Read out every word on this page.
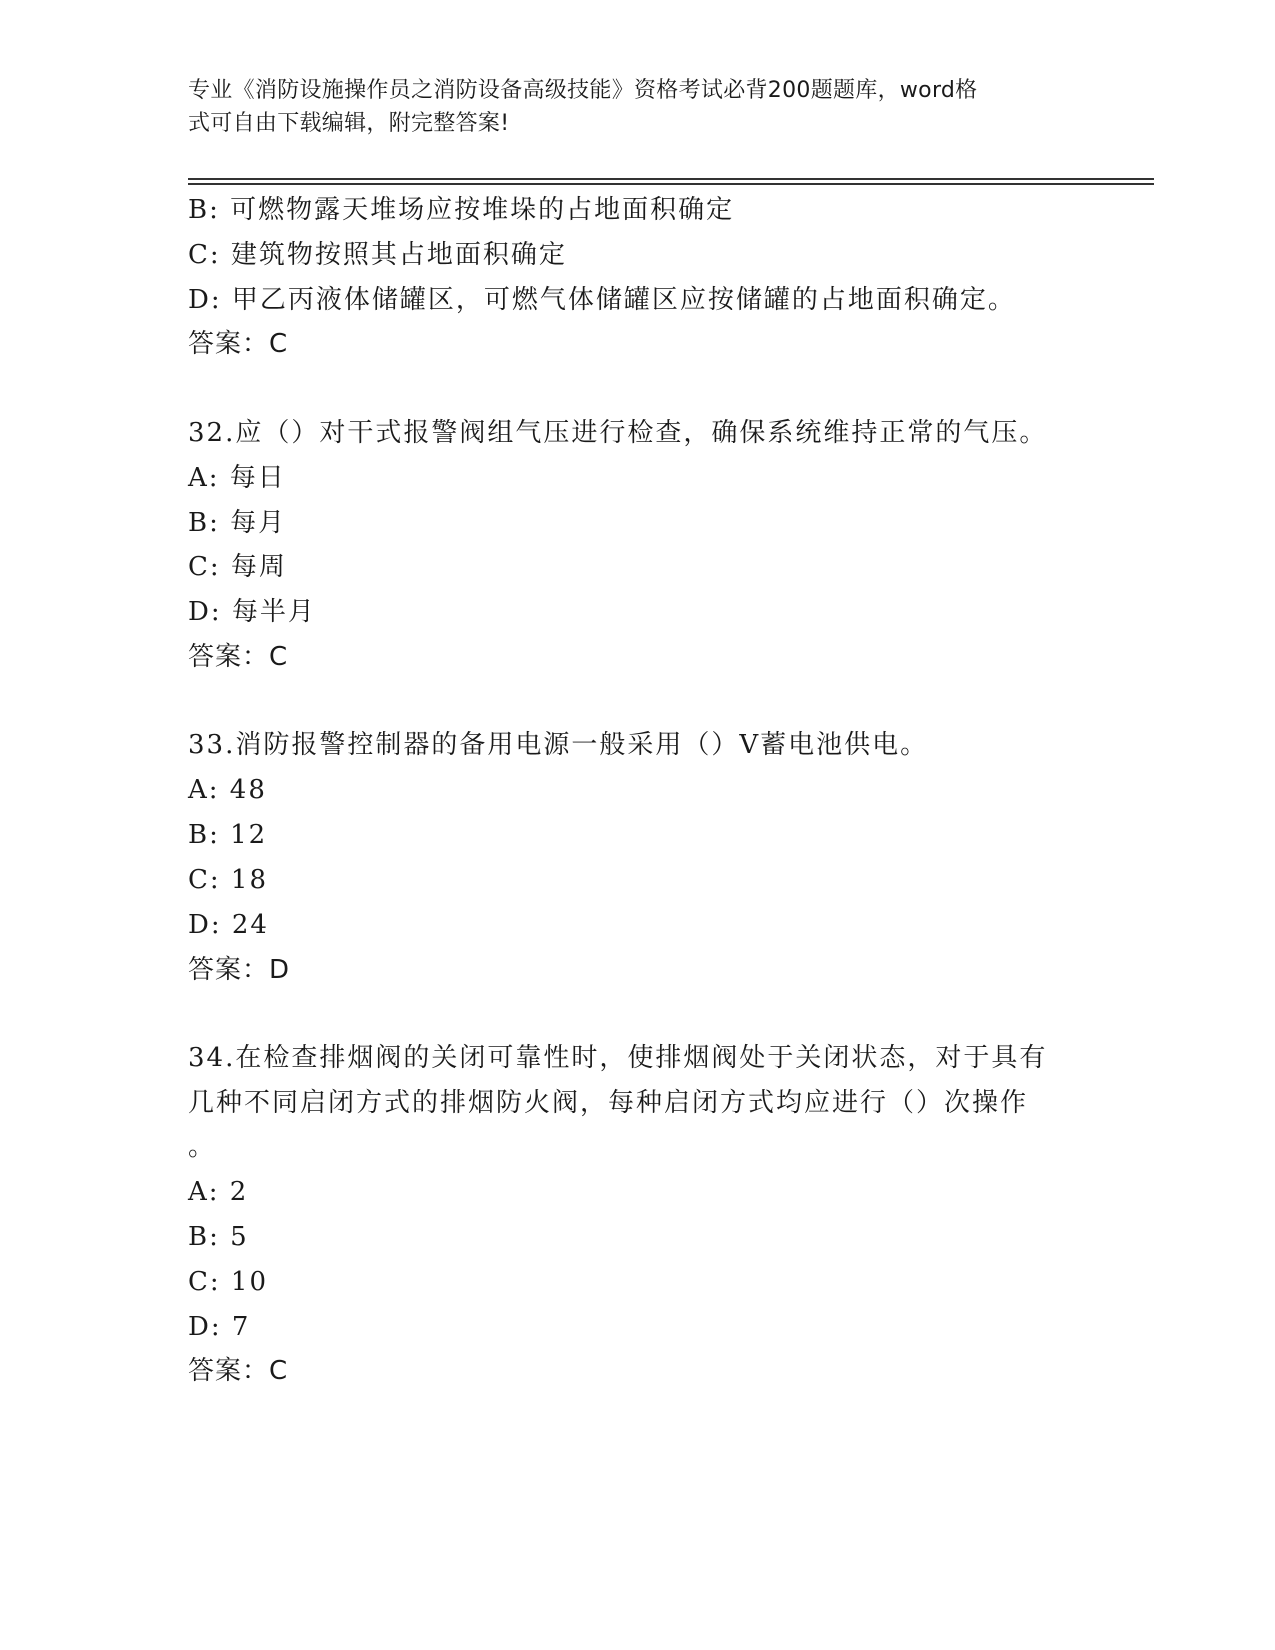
专业《消防设施操作员之消防设备高级技能》资格考试必背200题题库，word格
式可自由下载编辑，附完整答案!

B: 可燃物露天堆场应按堆垛的占地面积确定

C: 建筑物按照其占地面积确定

D: 甲乙丙液体储罐区，可燃气体储罐区应按储罐的占地面积确定。

答案：C

32.应（）对干式报警阀组气压进行检查，确保系统维持正常的气压。

A: 每日

B: 每月

C: 每周

D: 每半月

答案：C

33.消防报警控制器的备用电源一般采用（）V蓄电池供电。

A: 48

B: 12

C: 18

D: 24

答案：D

34.在检查排烟阀的关闭可靠性时，使排烟阀处于关闭状态，对于具有

几种不同启闭方式的排烟防火阀，每种启闭方式均应进行（）次操作

。

A: 2

B: 5

C: 10

D: 7

答案：C
